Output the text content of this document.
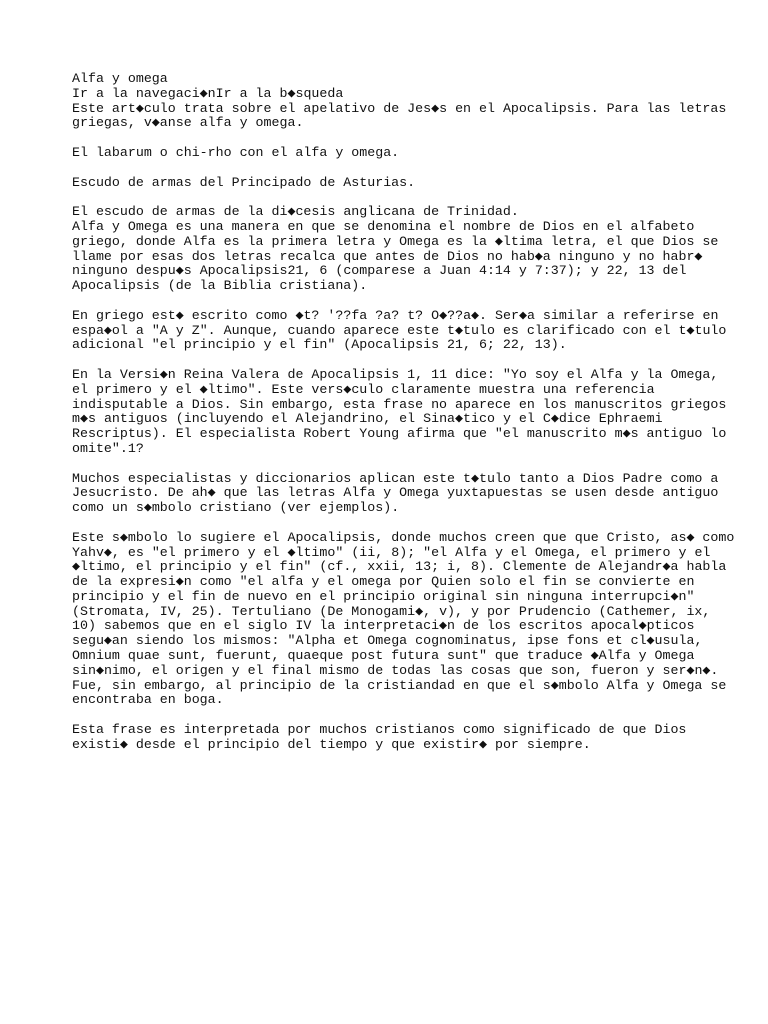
Alfa y omega
Ir a la navegaci◆nIr a la b◆squeda
Este art◆culo trata sobre el apelativo de Jes◆s en el Apocalipsis. Para las letras
griegas, v◆anse alfa y omega.
El labarum o chi-rho con el alfa y omega.
Escudo de armas del Principado de Asturias.
El escudo de armas de la di◆cesis anglicana de Trinidad.
Alfa y Omega es una manera en que se denomina el nombre de Dios en el alfabeto
griego, donde Alfa es la primera letra y Omega es la ◆ltima letra, el que Dios se
llame por esas dos letras recalca que antes de Dios no hab◆a ninguno y no habr◆
ninguno despu◆s Apocalipsis21, 6 (comparese a Juan 4:14 y 7:37); y 22, 13 del
Apocalipsis (de la Biblia cristiana).
En griego est◆ escrito como ◆t? '??fa ?a? t? O◆??a◆. Ser◆a similar a referirse en
espa◆ol a "A y Z". Aunque, cuando aparece este t◆tulo es clarificado con el t◆tulo
adicional "el principio y el fin" (Apocalipsis 21, 6; 22, 13).
En la Versi◆n Reina Valera de Apocalipsis 1, 11 dice: "Yo soy el Alfa y la Omega,
el primero y el ◆ltimo". Este vers◆culo claramente muestra una referencia
indisputable a Dios. Sin embargo, esta frase no aparece en los manuscritos griegos
m◆s antiguos (incluyendo el Alejandrino, el Sina◆tico y el C◆dice Ephraemi
Rescriptus). El especialista Robert Young afirma que "el manuscrito m◆s antiguo lo
omite".1?
Muchos especialistas y diccionarios aplican este t◆tulo tanto a Dios Padre como a
Jesucristo. De ah◆ que las letras Alfa y Omega yuxtapuestas se usen desde antiguo
como un s◆mbolo cristiano (ver ejemplos).
Este s◆mbolo lo sugiere el Apocalipsis, donde muchos creen que que Cristo, as◆ como
Yahv◆, es "el primero y el ◆ltimo" (ii, 8); "el Alfa y el Omega, el primero y el
◆ltimo, el principio y el fin" (cf., xxii, 13; i, 8). Clemente de Alejandr◆a habla
de la expresi◆n como "el alfa y el omega por Quien solo el fin se convierte en
principio y el fin de nuevo en el principio original sin ninguna interrupci◆n"
(Stromata, IV, 25). Tertuliano (De Monogami◆, v), y por Prudencio (Cathemer, ix,
10) sabemos que en el siglo IV la interpretaci◆n de los escritos apocal◆pticos
segu◆an siendo los mismos: "Alpha et Omega cognominatus, ipse fons et cl◆usula,
Omnium quae sunt, fuerunt, quaeque post futura sunt" que traduce ◆Alfa y Omega
sin◆nimo, el origen y el final mismo de todas las cosas que son, fueron y ser◆n◆.
Fue, sin embargo, al principio de la cristiandad en que el s◆mbolo Alfa y Omega se
encontraba en boga.
Esta frase es interpretada por muchos cristianos como significado de que Dios
existi◆ desde el principio del tiempo y que existir◆ por siempre.
